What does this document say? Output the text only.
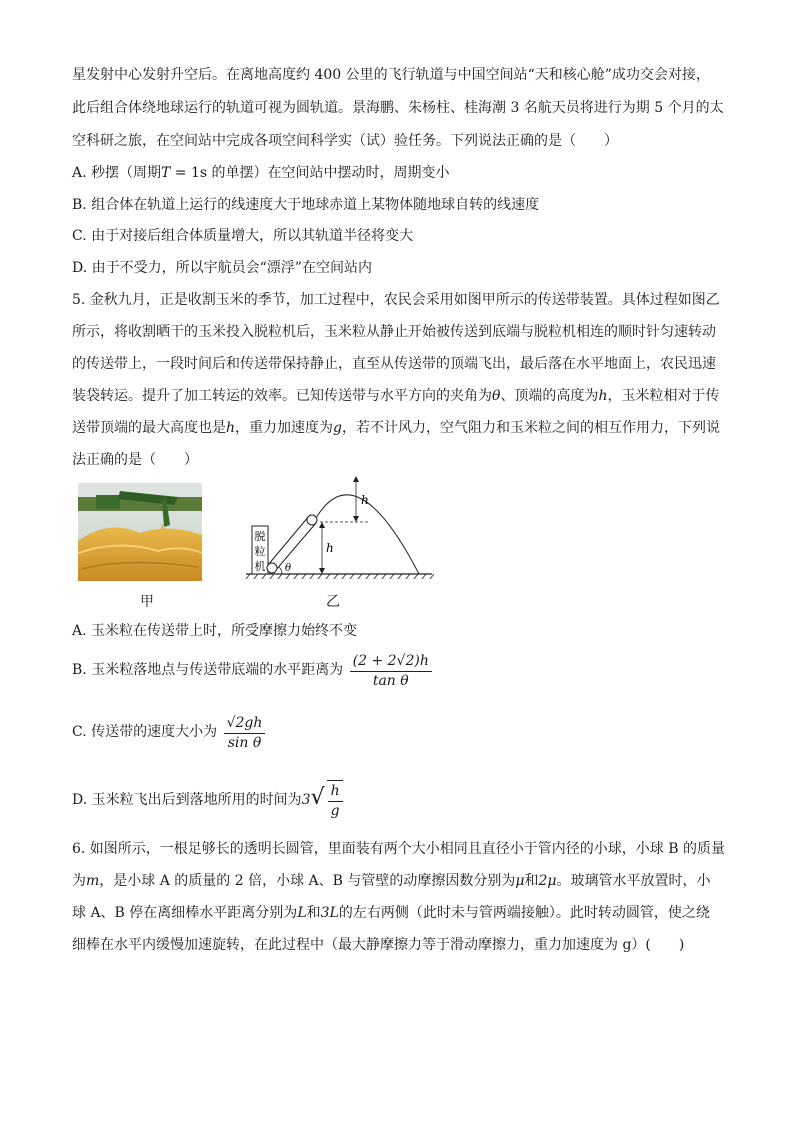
星发射中心发射升空后。在离地高度约 400 公里的飞行轨道与中国空间站“天和核心舱”成功交会对接，
此后组合体绕地球运行的轨道可视为圆轨道。景海鹏、朱杨柱、桂海潮 3 名航天员将进行为期 5 个月的太
空科研之旅，在空间站中完成各项空间科学实（试）验任务。下列说法正确的是（　　）
A. 秒摆（周期T = 1s 的单摆）在空间站中摆动时，周期变小
B. 组合体在轨道上运行的线速度大于地球赤道上某物体随地球自转的线速度
C. 由于对接后组合体质量增大，所以其轨道半径将变大
D. 由于不受力，所以宇航员会“漂浮”在空间站内
5. 金秋九月，正是收割玉米的季节，加工过程中，农民会采用如图甲所示的传送带装置。具体过程如图乙
所示，将收割晒干的玉米投入脱粒机后，玉米粒从静止开始被传送到底端与脱粒机相连的顺时针匀速转动
的传送带上，一段时间后和传送带保持静止，直至从传送带的顶端飞出，最后落在水平地面上，农民迅速
装袋转运。提升了加工转运的效率。已知传送带与水平方向的夹角为θ、顶端的高度为h，玉米粒相对于传
送带顶端的最大高度也是h，重力加速度为g，若不计风力，空气阻力和玉米粒之间的相互作用力，下列说
法正确的是（　　）
脱
粒
机 θ
h
h
甲	乙
A. 玉米粒在传送带上时，所受摩擦力始终不变
B. 玉米粒落地点与传送带底端的水平距离为 $\frac{(2 + 2√2)h}{\text{tan θ}}$
C. 传送带的速度大小为 $\frac{√2gh}{\text{sin θ}}$
D. 玉米粒飞出后到落地所用的时间为$3√ \frac{h}{g}$
6. 如图所示，一根足够长的透明长圆管，里面装有两个大小相同且直径小于管内径的小球，小球 B 的质量
为m，是小球 A 的质量的 2 倍，小球 A、B 与管壁的动摩擦因数分别为μ和2μ。玻璃管水平放置时，小
球 A、B 停在离细棒水平距离分别为L和3L的左右两侧（此时未与管两端接触）。此时转动圆管，使之绕
细棒在水平内缓慢加速旋转，在此过程中（最大静摩擦力等于滑动摩擦力，重力加速度为 g）(　　)
